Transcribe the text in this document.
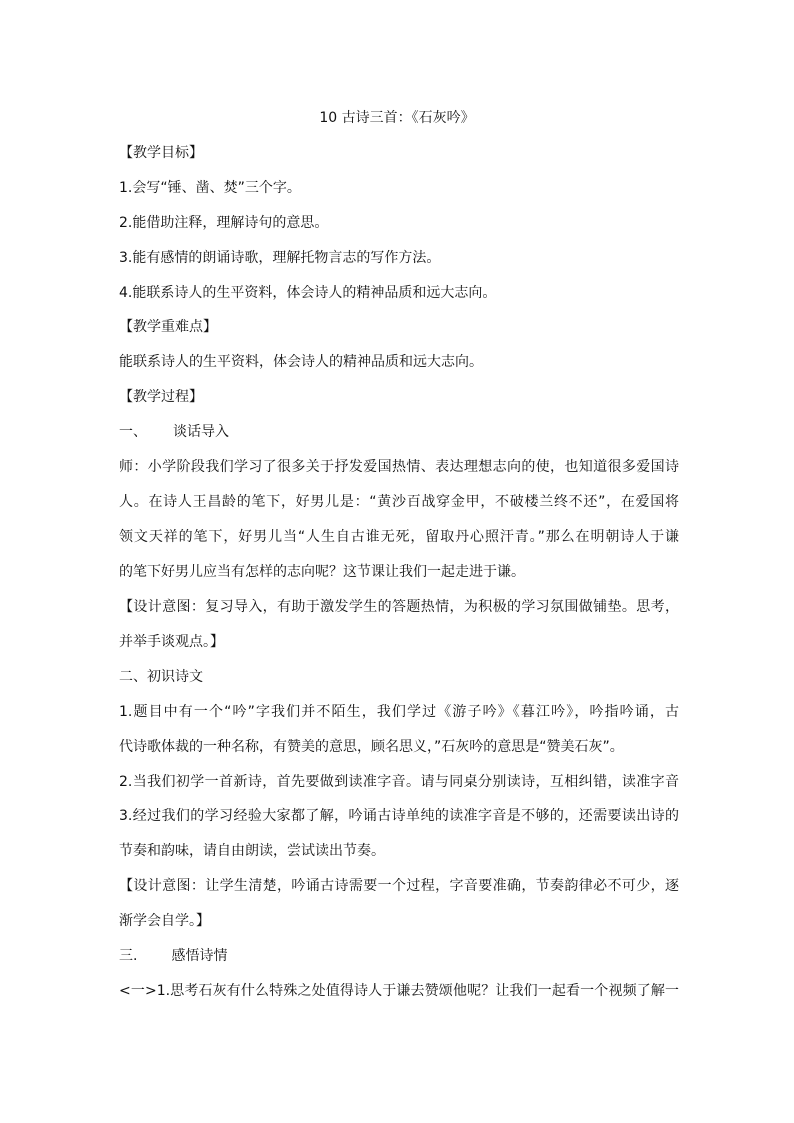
10 古诗三首：《石灰吟》
【教学目标】
1.会写“锤、凿、焚”三个字。
2.能借助注释，理解诗句的意思。
3.能有感情的朗诵诗歌，理解托物言志的写作方法。
4.能联系诗人的生平资料，体会诗人的精神品质和远大志向。
【教学重难点】
能联系诗人的生平资料，体会诗人的精神品质和远大志向。
【教学过程】
一、 谈话导入
师：小学阶段我们学习了很多关于抒发爱国热情、表达理想志向的使，也知道很多爱国诗
人。在诗人王昌龄的笔下，好男儿是：“黄沙百战穿金甲，不破楼兰终不还”，在爱国将
领文天祥的笔下，好男儿当“人生自古谁无死，留取丹心照汗青。”那么在明朝诗人于谦
的笔下好男儿应当有怎样的志向呢？这节课让我们一起走进于谦。
【设计意图：复习导入，有助于激发学生的答题热情，为积极的学习氛围做铺垫。思考，
并举手谈观点。】
二、初识诗文
1.题目中有一个“吟”字我们并不陌生，我们学过《游子吟》《暮江吟》，吟指吟诵，古
代诗歌体裁的一种名称，有赞美的意思，顾名思义，”石灰吟的意思是“赞美石灰”。
2.当我们初学一首新诗，首先要做到读准字音。请与同桌分别读诗，互相纠错，读准字音
3.经过我们的学习经验大家都了解，吟诵古诗单纯的读准字音是不够的，还需要读出诗的
节奏和韵味，请自由朗读，尝试读出节奏。
【设计意图：让学生清楚，吟诵古诗需要一个过程，字音要准确，节奏韵律必不可少，逐
渐学会自学。】
三. 感悟诗情
<一>1.思考石灰有什么特殊之处值得诗人于谦去赞颂他呢？让我们一起看一个视频了解一
